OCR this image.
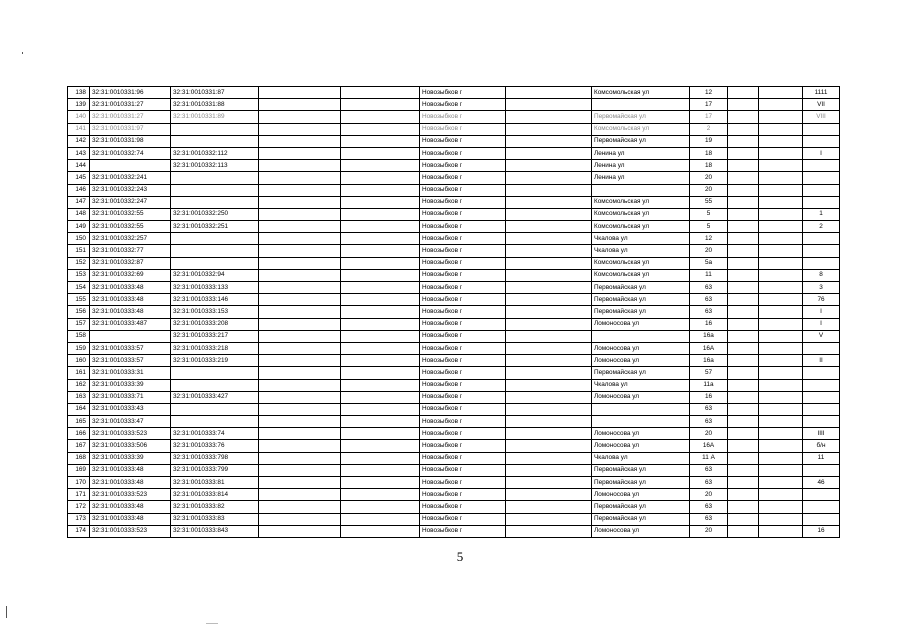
138	32:31:0010331:96	32:31:0010331:87			Новозыбков г		Комсомольская ул	12			1111
139	32:31:0010331:27	32:31:0010331:88			Новозыбков г			17			VII
140	32:31:0010331:27	32:31:0010331:89			Новозыбков г		Первомайская ул	17			VIII
141	32:31:0010331:97				Новозыбков г		Комсомольская ул	2			
142	32:31:0010331:98				Новозыбков г		Первомайская ул	19			
143	32:31:0010332:74	32:31:0010332:112			Новозыбков г		Ленина ул	18			I
144		32:31:0010332:113			Новозыбков г		Ленина ул	18			
145	32:31:0010332:241				Новозыбков г		Ленина ул	20			
146	32:31:0010332:243				Новозыбков г			20			
147	32:31:0010332:247				Новозыбков г		Комсомольская ул	55			
148	32:31:0010332:55	32:31:0010332:250			Новозыбков г		Комсомольская ул	5			1
149	32:31:0010332:55	32:31:0010332:251			Новозыбков г		Комсомольская ул	5			2
150	32:31:0010332:257				Новозыбков г		Чкалова ул	12			
151	32:31:0010332:77				Новозыбков г		Чкалова ул	20			
152	32:31:0010332:87				Новозыбков г		Комсомольская ул	5а			
153	32:31:0010332:69	32:31:0010332:94			Новозыбков г		Комсомольская ул	11			8
154	32:31:0010333:48	32:31:0010333:133			Новозыбков г		Первомайская ул	63			3
155	32:31:0010333:48	32:31:0010333:146			Новозыбков г		Первомайская ул	63			76
156	32:31:0010333:48	32:31:0010333:153			Новозыбков г		Первомайская ул	63			I
157	32:31:0010333:487	32:31:0010333:208			Новозыбков г		Ломоносова ул	16			I
158		32:31:0010333:217			Новозыбков г			16а			V
159	32:31:0010333:57	32:31:0010333:218			Новозыбков г		Ломоносова ул	16А			
160	32:31:0010333:57	32:31:0010333:219			Новозыбков г		Ломоносова ул	16а			II
161	32:31:0010333:31				Новозыбков г		Первомайская ул	57			
162	32:31:0010333:39				Новозыбков г		Чкалова ул	11а			
163	32:31:0010333:71	32:31:0010333:427			Новозыбков г		Ломоносова ул	16			
164	32:31:0010333:43				Новозыбков г			63			
165	32:31:0010333:47				Новозыбков г			63			
166	32:31:0010333:523	32:31:0010333:74			Новозыбков г		Ломоносова ул	20			IIII
167	32:31:0010333:506	32:31:0010333:76			Новозыбков г		Ломоносова ул	16А			б/н
168	32:31:0010333:39	32:31:0010333:798			Новозыбков г		Чкалова ул	11 А			11
169	32:31:0010333:48	32:31:0010333:799			Новозыбков г		Первомайская ул	63			
170	32:31:0010333:48	32:31:0010333:81			Новозыбков г		Первомайская ул	63			46
171	32:31:0010333:523	32:31:0010333:814			Новозыбков г		Ломоносова ул	20			
172	32:31:0010333:48	32:31:0010333:82			Новозыбков г		Первомайская ул	63			
173	32:31:0010333:48	32:31:0010333:83			Новозыбков г		Первомайская ул	63			
174	32:31:0010333:523	32:31:0010333:843			Новозыбков г		Ломоносова ул	20			16
5
